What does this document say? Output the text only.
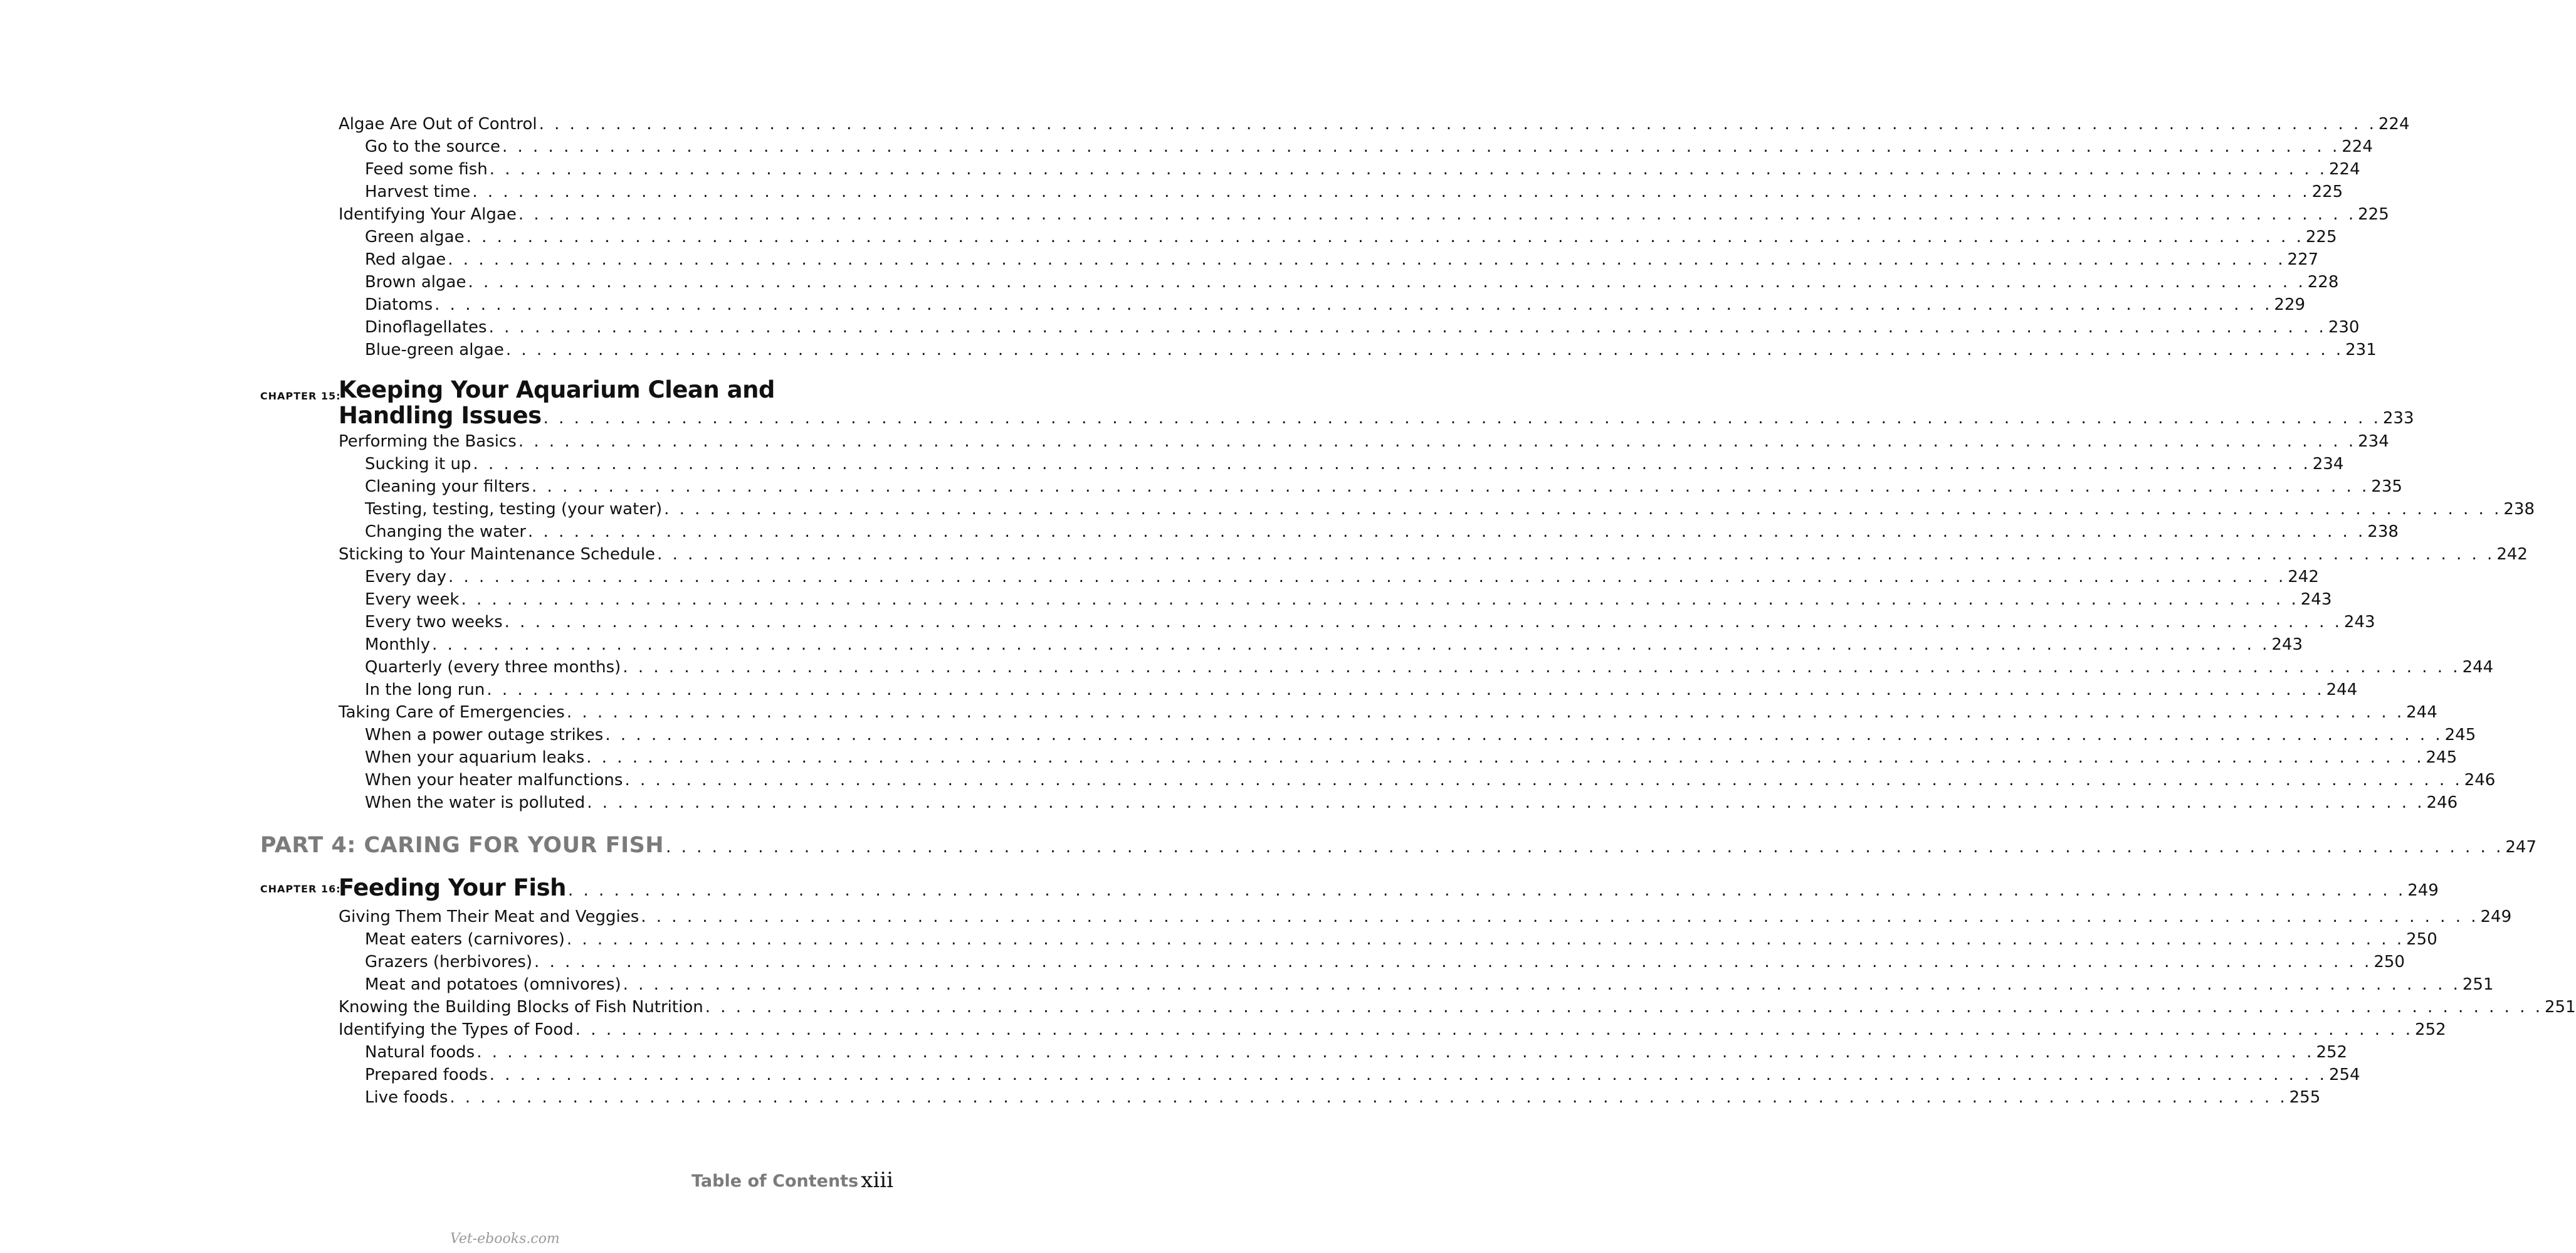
Algae Are Out of Control . . . . . . . . . . . . . . . . . . . . . . . . . . . . . . . . . . . . . . . . . . . . . . . . . . . . . . . . . . . . . . . . . . . . . . . . . . . . . . . . . . . . . . . . . . . . . . . . . . . . . . . . . . . . . . . . . . . . . . . . 224
Go to the source . . . . . . . . . . . . . . . . . . . . . . . . . . . . . . . . . . . . . . . . . . . . . . . . . . . . . . . . . . . . . . . . . . . . . . . . . . . . . . . . . . . . . . . . . . . . . . . . . . . . . . . . . . . . . . . . . . . . . . . . 224
Feed some fish . . . . . . . . . . . . . . . . . . . . . . . . . . . . . . . . . . . . . . . . . . . . . . . . . . . . . . . . . . . . . . . . . . . . . . . . . . . . . . . . . . . . . . . . . . . . . . . . . . . . . . . . . . . . . . . . . . . . . . . . 224
Harvest time . . . . . . . . . . . . . . . . . . . . . . . . . . . . . . . . . . . . . . . . . . . . . . . . . . . . . . . . . . . . . . . . . . . . . . . . . . . . . . . . . . . . . . . . . . . . . . . . . . . . . . . . . . . . . . . . . . . . . . . . 225
Identifying Your Algae . . . . . . . . . . . . . . . . . . . . . . . . . . . . . . . . . . . . . . . . . . . . . . . . . . . . . . . . . . . . . . . . . . . . . . . . . . . . . . . . . . . . . . . . . . . . . . . . . . . . . . . . . . . . . . . . . . . . . . . . 225
Green algae . . . . . . . . . . . . . . . . . . . . . . . . . . . . . . . . . . . . . . . . . . . . . . . . . . . . . . . . . . . . . . . . . . . . . . . . . . . . . . . . . . . . . . . . . . . . . . . . . . . . . . . . . . . . . . . . . . . . . . . . 225
Red algae . . . . . . . . . . . . . . . . . . . . . . . . . . . . . . . . . . . . . . . . . . . . . . . . . . . . . . . . . . . . . . . . . . . . . . . . . . . . . . . . . . . . . . . . . . . . . . . . . . . . . . . . . . . . . . . . . . . . . . . . 227
Brown algae . . . . . . . . . . . . . . . . . . . . . . . . . . . . . . . . . . . . . . . . . . . . . . . . . . . . . . . . . . . . . . . . . . . . . . . . . . . . . . . . . . . . . . . . . . . . . . . . . . . . . . . . . . . . . . . . . . . . . . . . 228
Diatoms . . . . . . . . . . . . . . . . . . . . . . . . . . . . . . . . . . . . . . . . . . . . . . . . . . . . . . . . . . . . . . . . . . . . . . . . . . . . . . . . . . . . . . . . . . . . . . . . . . . . . . . . . . . . . . . . . . . . . . . . 229
Dinoflagellates . . . . . . . . . . . . . . . . . . . . . . . . . . . . . . . . . . . . . . . . . . . . . . . . . . . . . . . . . . . . . . . . . . . . . . . . . . . . . . . . . . . . . . . . . . . . . . . . . . . . . . . . . . . . . . . . . . . . . . . . 230
Blue-green algae . . . . . . . . . . . . . . . . . . . . . . . . . . . . . . . . . . . . . . . . . . . . . . . . . . . . . . . . . . . . . . . . . . . . . . . . . . . . . . . . . . . . . . . . . . . . . . . . . . . . . . . . . . . . . . . . . . . . . . . . 231
CHAPTER 15:
Keeping Your Aquarium Clean and
Handling Issues . . . . . . . . . . . . . . . . . . . . . . . . . . . . . . . . . . . . . . . . . . . . . . . . . . . . . . . . . . . . . . . . . . . . . . . . . . . . . . . . . . . . . . . . . . . . . . . . . . . . . . . . . . . . . . . . . . . . . . . . 233
Performing the Basics . . . . . . . . . . . . . . . . . . . . . . . . . . . . . . . . . . . . . . . . . . . . . . . . . . . . . . . . . . . . . . . . . . . . . . . . . . . . . . . . . . . . . . . . . . . . . . . . . . . . . . . . . . . . . . . . . . . . . . . . 234
Sucking it up . . . . . . . . . . . . . . . . . . . . . . . . . . . . . . . . . . . . . . . . . . . . . . . . . . . . . . . . . . . . . . . . . . . . . . . . . . . . . . . . . . . . . . . . . . . . . . . . . . . . . . . . . . . . . . . . . . . . . . . . 234
Cleaning your filters . . . . . . . . . . . . . . . . . . . . . . . . . . . . . . . . . . . . . . . . . . . . . . . . . . . . . . . . . . . . . . . . . . . . . . . . . . . . . . . . . . . . . . . . . . . . . . . . . . . . . . . . . . . . . . . . . . . . . . . . 235
Testing, testing, testing (your water) . . . . . . . . . . . . . . . . . . . . . . . . . . . . . . . . . . . . . . . . . . . . . . . . . . . . . . . . . . . . . . . . . . . . . . . . . . . . . . . . . . . . . . . . . . . . . . . . . . . . . . . . . . . . . . . . . . . . . . . . 238
Changing the water . . . . . . . . . . . . . . . . . . . . . . . . . . . . . . . . . . . . . . . . . . . . . . . . . . . . . . . . . . . . . . . . . . . . . . . . . . . . . . . . . . . . . . . . . . . . . . . . . . . . . . . . . . . . . . . . . . . . . . . . 238
Sticking to Your Maintenance Schedule . . . . . . . . . . . . . . . . . . . . . . . . . . . . . . . . . . . . . . . . . . . . . . . . . . . . . . . . . . . . . . . . . . . . . . . . . . . . . . . . . . . . . . . . . . . . . . . . . . . . . . . . . . . . . . . . . . . . . . . . 242
Every day . . . . . . . . . . . . . . . . . . . . . . . . . . . . . . . . . . . . . . . . . . . . . . . . . . . . . . . . . . . . . . . . . . . . . . . . . . . . . . . . . . . . . . . . . . . . . . . . . . . . . . . . . . . . . . . . . . . . . . . . 242
Every week . . . . . . . . . . . . . . . . . . . . . . . . . . . . . . . . . . . . . . . . . . . . . . . . . . . . . . . . . . . . . . . . . . . . . . . . . . . . . . . . . . . . . . . . . . . . . . . . . . . . . . . . . . . . . . . . . . . . . . . . 243
Every two weeks . . . . . . . . . . . . . . . . . . . . . . . . . . . . . . . . . . . . . . . . . . . . . . . . . . . . . . . . . . . . . . . . . . . . . . . . . . . . . . . . . . . . . . . . . . . . . . . . . . . . . . . . . . . . . . . . . . . . . . . . 243
Monthly . . . . . . . . . . . . . . . . . . . . . . . . . . . . . . . . . . . . . . . . . . . . . . . . . . . . . . . . . . . . . . . . . . . . . . . . . . . . . . . . . . . . . . . . . . . . . . . . . . . . . . . . . . . . . . . . . . . . . . . . 243
Quarterly (every three months) . . . . . . . . . . . . . . . . . . . . . . . . . . . . . . . . . . . . . . . . . . . . . . . . . . . . . . . . . . . . . . . . . . . . . . . . . . . . . . . . . . . . . . . . . . . . . . . . . . . . . . . . . . . . . . . . . . . . . . . . 244
In the long run . . . . . . . . . . . . . . . . . . . . . . . . . . . . . . . . . . . . . . . . . . . . . . . . . . . . . . . . . . . . . . . . . . . . . . . . . . . . . . . . . . . . . . . . . . . . . . . . . . . . . . . . . . . . . . . . . . . . . . . . 244
Taking Care of Emergencies . . . . . . . . . . . . . . . . . . . . . . . . . . . . . . . . . . . . . . . . . . . . . . . . . . . . . . . . . . . . . . . . . . . . . . . . . . . . . . . . . . . . . . . . . . . . . . . . . . . . . . . . . . . . . . . . . . . . . . . . 244
When a power outage strikes . . . . . . . . . . . . . . . . . . . . . . . . . . . . . . . . . . . . . . . . . . . . . . . . . . . . . . . . . . . . . . . . . . . . . . . . . . . . . . . . . . . . . . . . . . . . . . . . . . . . . . . . . . . . . . . . . . . . . . . . 245
When your aquarium leaks . . . . . . . . . . . . . . . . . . . . . . . . . . . . . . . . . . . . . . . . . . . . . . . . . . . . . . . . . . . . . . . . . . . . . . . . . . . . . . . . . . . . . . . . . . . . . . . . . . . . . . . . . . . . . . . . . . . . . . . . 245
When your heater malfunctions . . . . . . . . . . . . . . . . . . . . . . . . . . . . . . . . . . . . . . . . . . . . . . . . . . . . . . . . . . . . . . . . . . . . . . . . . . . . . . . . . . . . . . . . . . . . . . . . . . . . . . . . . . . . . . . . . . . . . . . . 246
When the water is polluted . . . . . . . . . . . . . . . . . . . . . . . . . . . . . . . . . . . . . . . . . . . . . . . . . . . . . . . . . . . . . . . . . . . . . . . . . . . . . . . . . . . . . . . . . . . . . . . . . . . . . . . . . . . . . . . . . . . . . . . . 246
PART 4: CARING FOR YOUR FISH . . . . . . . . . . . . . . . . . . . . . . . . . . . . . . . . . . . . . . . . . . . . . . . . . . . . . . . . . . . . . . . . . . . . . . . . . . . . . . . . . . . . . . . . . . . . . . . . . . . . . . . . . . . . . . . . . . . . . . . . 247
CHAPTER 16:
Feeding Your Fish . . . . . . . . . . . . . . . . . . . . . . . . . . . . . . . . . . . . . . . . . . . . . . . . . . . . . . . . . . . . . . . . . . . . . . . . . . . . . . . . . . . . . . . . . . . . . . . . . . . . . . . . . . . . . . . . . . . . . . . . 249
Giving Them Their Meat and Veggies . . . . . . . . . . . . . . . . . . . . . . . . . . . . . . . . . . . . . . . . . . . . . . . . . . . . . . . . . . . . . . . . . . . . . . . . . . . . . . . . . . . . . . . . . . . . . . . . . . . . . . . . . . . . . . . . . . . . . . . . 249
Meat eaters (carnivores) . . . . . . . . . . . . . . . . . . . . . . . . . . . . . . . . . . . . . . . . . . . . . . . . . . . . . . . . . . . . . . . . . . . . . . . . . . . . . . . . . . . . . . . . . . . . . . . . . . . . . . . . . . . . . . . . . . . . . . . . 250
Grazers (herbivores) . . . . . . . . . . . . . . . . . . . . . . . . . . . . . . . . . . . . . . . . . . . . . . . . . . . . . . . . . . . . . . . . . . . . . . . . . . . . . . . . . . . . . . . . . . . . . . . . . . . . . . . . . . . . . . . . . . . . . . . . 250
Meat and potatoes (omnivores) . . . . . . . . . . . . . . . . . . . . . . . . . . . . . . . . . . . . . . . . . . . . . . . . . . . . . . . . . . . . . . . . . . . . . . . . . . . . . . . . . . . . . . . . . . . . . . . . . . . . . . . . . . . . . . . . . . . . . . . . 251
Knowing the Building Blocks of Fish Nutrition . . . . . . . . . . . . . . . . . . . . . . . . . . . . . . . . . . . . . . . . . . . . . . . . . . . . . . . . . . . . . . . . . . . . . . . . . . . . . . . . . . . . . . . . . . . . . . . . . . . . . . . . . . . . . . . . . . . . . . . . 251
Identifying the Types of Food . . . . . . . . . . . . . . . . . . . . . . . . . . . . . . . . . . . . . . . . . . . . . . . . . . . . . . . . . . . . . . . . . . . . . . . . . . . . . . . . . . . . . . . . . . . . . . . . . . . . . . . . . . . . . . . . . . . . . . . . 252
Natural foods . . . . . . . . . . . . . . . . . . . . . . . . . . . . . . . . . . . . . . . . . . . . . . . . . . . . . . . . . . . . . . . . . . . . . . . . . . . . . . . . . . . . . . . . . . . . . . . . . . . . . . . . . . . . . . . . . . . . . . . . 252
Prepared foods . . . . . . . . . . . . . . . . . . . . . . . . . . . . . . . . . . . . . . . . . . . . . . . . . . . . . . . . . . . . . . . . . . . . . . . . . . . . . . . . . . . . . . . . . . . . . . . . . . . . . . . . . . . . . . . . . . . . . . . . 254
Live foods . . . . . . . . . . . . . . . . . . . . . . . . . . . . . . . . . . . . . . . . . . . . . . . . . . . . . . . . . . . . . . . . . . . . . . . . . . . . . . . . . . . . . . . . . . . . . . . . . . . . . . . . . . . . . . . . . . . . . . . . 255
Table of Contents xiii
Vet-ebooks.com
